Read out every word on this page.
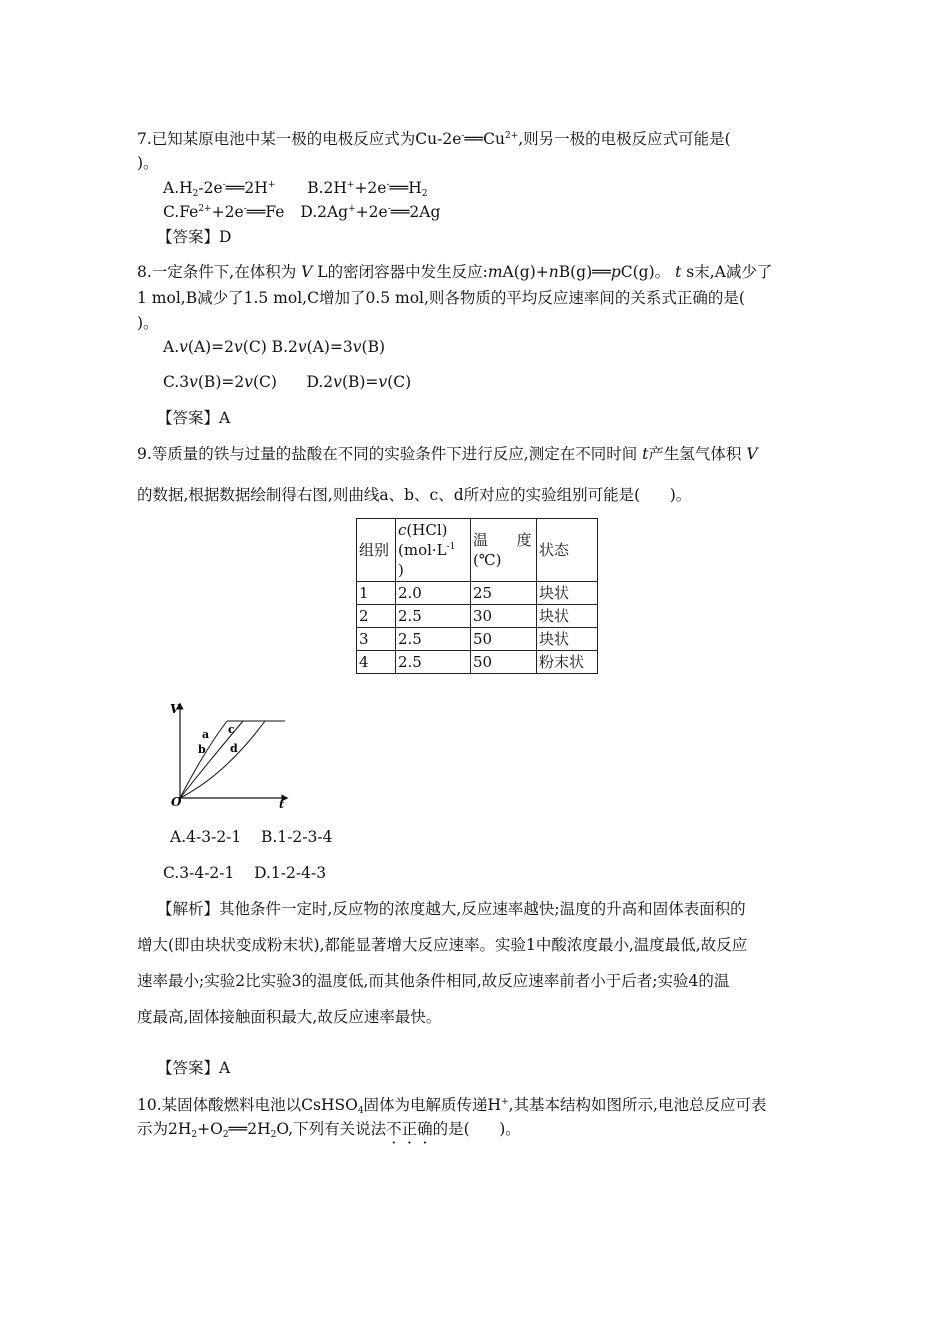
7.已知某原电池中某一极的电极反应式为$Cu-2e^-══Cu^{2+}$,则另一极的电极反应式可能是(
)。
$A.H_2-2e^-══2H^+$ $B.2H^++2e^-══H_2$
$C.Fe^{2+}+2e^-══Fe$ D.2Ag++2e-══2Ag
【答案】D
8.一定条件下,在体积为 V L的密闭容器中发生反应:mA(g)+nB(g)══pC(g)。 t s末,A减少了
1 mol,B减少了1.5 mol,C增加了0.5 mol,则各物质的平均反应速率间的关系式正确的是(
)。
A.v(A)=2v(C) B.2v(A)=3v(B)
C.3v(B)=2v(C)      D.2v(B)=v(C)
【答案】A
9.等质量的铁与过量的盐酸在不同的实验条件下进行反应,测定在不同时间 t产生氢气体积 V
的数据,根据数据绘制得右图,则曲线a、b、c、d所对应的实验组别可能是(      )。
组别	c(HCl)
($mol\cdot L^{-1}$
)	温      度
(℃)	状态
1	2.0	25	块状
2	2.5	30	块状
3	2.5	50	块状
4	2.5	50	粉末状
V
t
O
a
b
c
d
A.4-3-2-1    B.1-2-3-4
C.3-4-2-1    D.1-2-4-3
【解析】其他条件一定时,反应物的浓度越大,反应速率越快;温度的升高和固体表面积的
增大(即由块状变成粉末状),都能显著增大反应速率。实验1中酸浓度最小,温度最低,故反应
速率最小;实验2比实验3的温度低,而其他条件相同,故反应速率前者小于后者;实验4的温
度最高,固体接触面积最大,故反应速率最快。
【答案】A
10.某固体酸燃料电池以CsHSO$_4$固体为电解质传递H+,其基本结构如图所示,电池总反应可表
示为$2H_2+O_2══2H_2O$,下列有关说法不正确的是(      )。
